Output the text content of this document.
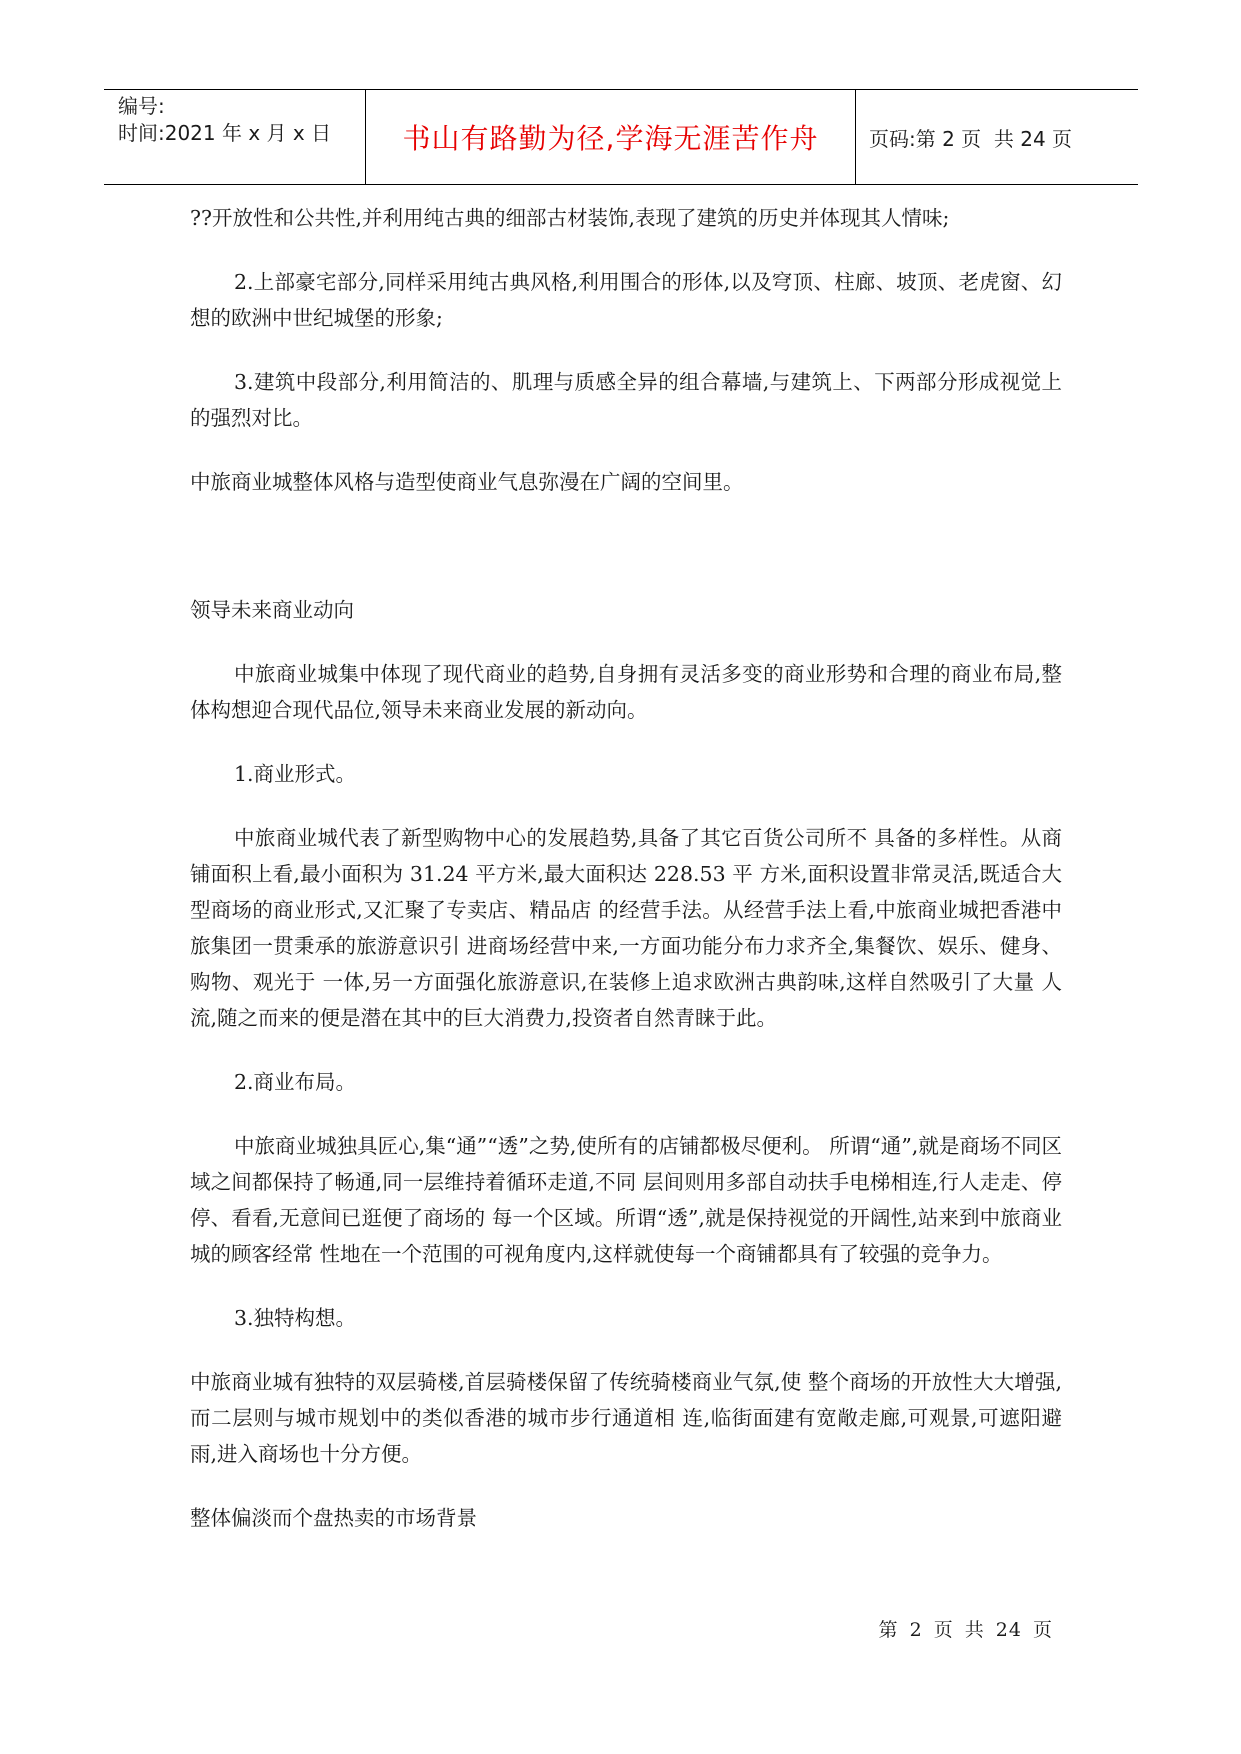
编号:
时间:2021 年 x 月 x 日	书山有路勤为径,学海无涯苦作舟	页码:第 2 页  共 24 页

??开放性和公共性,并利用纯古典的细部古材装饰,表现了建筑的历史并体现其人情味;

2.上部豪宅部分,同样采用纯古典风格,利用围合的形体,以及穹顶、柱廊、坡顶、老虎窗、幻想的欧洲中世纪城堡的形象;

3.建筑中段部分,利用简洁的、肌理与质感全异的组合幕墙,与建筑上、下两部分形成视觉上的强烈对比。

中旅商业城整体风格与造型使商业气息弥漫在广阔的空间里。

领导未来商业动向

中旅商业城集中体现了现代商业的趋势,自身拥有灵活多变的商业形势和合理的商业布局,整体构想迎合现代品位,领导未来商业发展的新动向。

1.商业形式。

中旅商业城代表了新型购物中心的发展趋势,具备了其它百货公司所不 具备的多样性。从商铺面积上看,最小面积为 31.24 平方米,最大面积达 228.53 平 方米,面积设置非常灵活,既适合大型商场的商业形式,又汇聚了专卖店、精品店 的经营手法。从经营手法上看,中旅商业城把香港中旅集团一贯秉承的旅游意识引 进商场经营中来,一方面功能分布力求齐全,集餐饮、娱乐、健身、购物、观光于 一体,另一方面强化旅游意识,在装修上追求欧洲古典韵味,这样自然吸引了大量 人流,随之而来的便是潜在其中的巨大消费力,投资者自然青睐于此。

2.商业布局。

中旅商业城独具匠心,集“通”“透”之势,使所有的店铺都极尽便利。 所谓“通”,就是商场不同区域之间都保持了畅通,同一层维持着循环走道,不同 层间则用多部自动扶手电梯相连,行人走走、停停、看看,无意间已逛便了商场的 每一个区域。所谓“透”,就是保持视觉的开阔性,站来到中旅商业城的顾客经常 性地在一个范围的可视角度内,这样就使每一个商铺都具有了较强的竞争力。

3.独特构想。

中旅商业城有独特的双层骑楼,首层骑楼保留了传统骑楼商业气氛,使 整个商场的开放性大大增强,而二层则与城市规划中的类似香港的城市步行通道相 连,临街面建有宽敞走廊,可观景,可遮阳避雨,进入商场也十分方便。

整体偏淡而个盘热卖的市场背景

第 2 页 共 24 页
